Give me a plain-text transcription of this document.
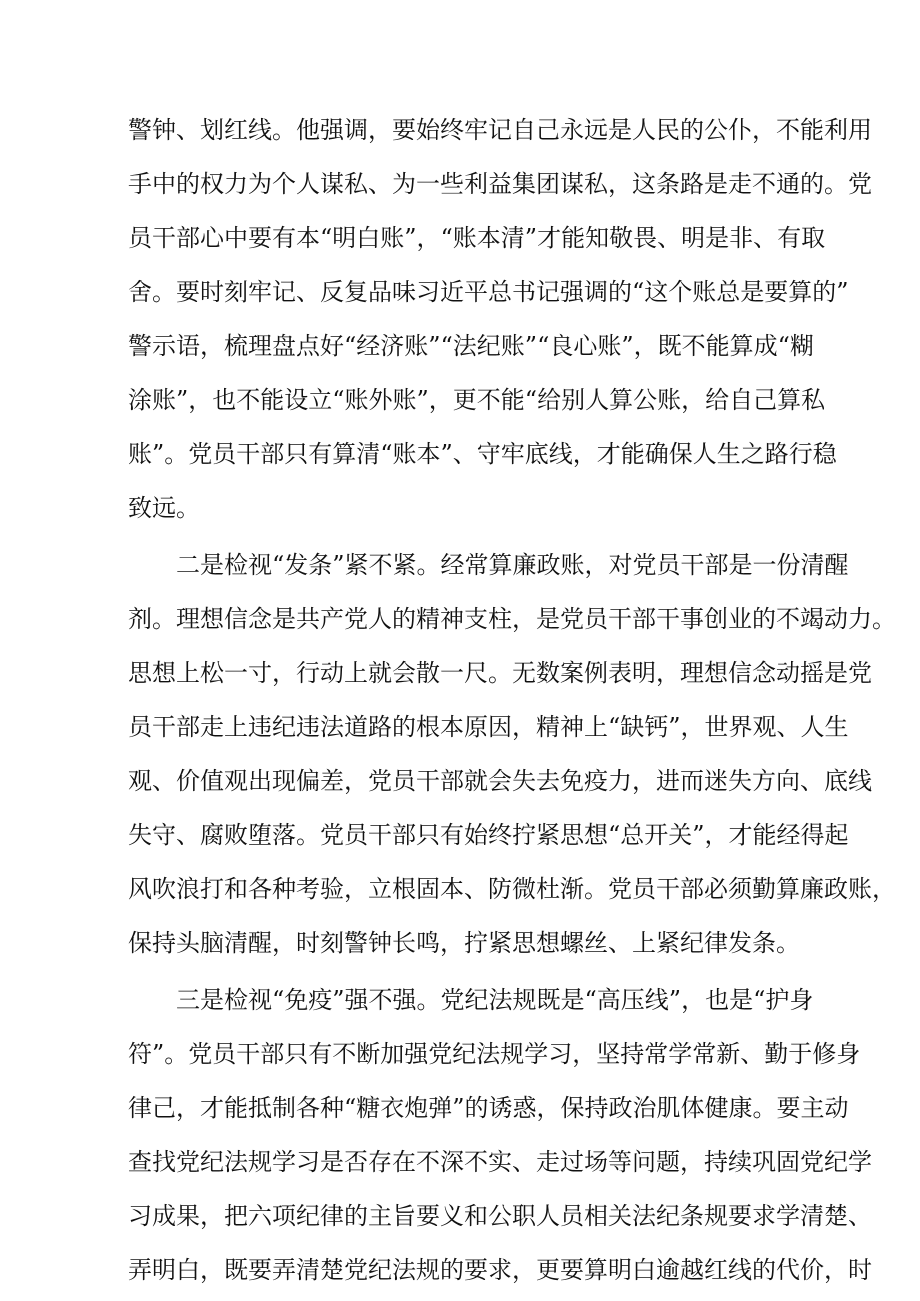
警钟、划红线。他强调，要始终牢记自己永远是人民的公仆，不能利用

手中的权力为个人谋私、为一些利益集团谋私，这条路是走不通的。党

员干部心中要有本“明白账”，“账本清”才能知敬畏、明是非、有取

舍。要时刻牢记、反复品味习近平总书记强调的“这个账总是要算的”

警示语，梳理盘点好“经济账”“法纪账”“良心账”，既不能算成“糊

涂账”，也不能设立“账外账”，更不能“给别人算公账，给自己算私

账”。党员干部只有算清“账本”、守牢底线，才能确保人生之路行稳

致远。

二是检视“发条”紧不紧。经常算廉政账，对党员干部是一份清醒

剂。理想信念是共产党人的精神支柱，是党员干部干事创业的不竭动力。

思想上松一寸，行动上就会散一尺。无数案例表明，理想信念动摇是党

员干部走上违纪违法道路的根本原因，精神上“缺钙”，世界观、人生

观、价值观出现偏差，党员干部就会失去免疫力，进而迷失方向、底线

失守、腐败堕落。党员干部只有始终拧紧思想“总开关”，才能经得起

风吹浪打和各种考验，立根固本、防微杜渐。党员干部必须勤算廉政账，

保持头脑清醒，时刻警钟长鸣，拧紧思想螺丝、上紧纪律发条。

三是检视“免疫”强不强。党纪法规既是“高压线”，也是“护身

符”。党员干部只有不断加强党纪法规学习，坚持常学常新、勤于修身

律己，才能抵制各种“糖衣炮弹”的诱惑，保持政治肌体健康。要主动

查找党纪法规学习是否存在不深不实、走过场等问题，持续巩固党纪学

习成果，把六项纪律的主旨要义和公职人员相关法纪条规要求学清楚、

弄明白，既要弄清楚党纪法规的要求，更要算明白逾越红线的代价，时
